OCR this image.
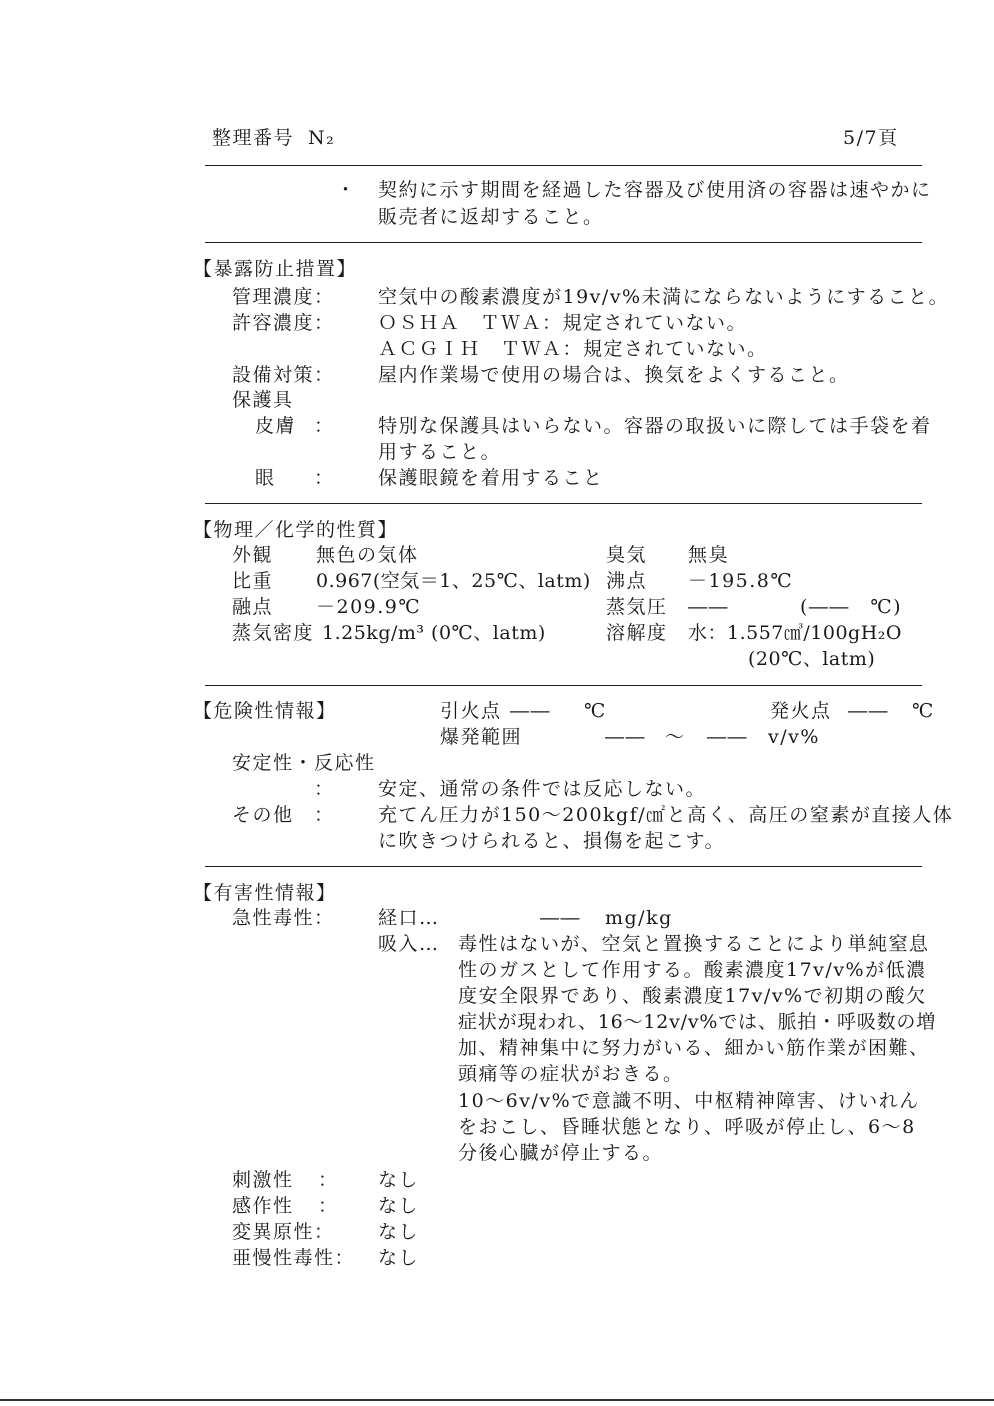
整理番号 N₂	5/7頁
・ 契約に示す期間を経過した容器及び使用済の容器は速やかに
販売者に返却すること。
【暴露防止措置】
管理濃度： 空気中の酸素濃度が19v/v%未満にならないようにすること。
許容濃度： ＯＳＨＡ　ＴＷＡ：規定されていない。
ＡＣＧＩＨ　ＴＷＡ：規定されていない。
設備対策： 屋内作業場で使用の場合は、換気をよくすること。
保護具
皮膚 ： 特別な保護具はいらない。容器の取扱いに際しては手袋を着
用すること。
眼 ： 保護眼鏡を着用すること
【物理／化学的性質】
外観 無色の気体	臭気 無臭
比重 0.967(空気＝1、25℃、latm) 沸点 －195.8℃
融点 －209.9℃	蒸気圧 ――	(――　℃)
蒸気密度 1.25kg/m³ (0℃、latm)	溶解度 水：1.557㎤/100gH₂O
(20℃、latm)
【危険性情報】	引火点 ―― ℃	発火点 ―― ℃
爆発範囲	―― ～ ―― v/v%
安定性・反応性
： 安定、通常の条件では反応しない。
その他 ： 充てん圧力が150～200kgf/㎠と高く、高圧の窒素が直接人体
に吹きつけられると、損傷を起こす。
【有害性情報】
急性毒性： 経口…	―― mg/kg
吸入… 毒性はないが、空気と置換することにより単純窒息
性のガスとして作用する。酸素濃度17v/v%が低濃
度安全限界であり、酸素濃度17v/v%で初期の酸欠
症状が現われ、16～12v/v%では、脈拍・呼吸数の増
加、精神集中に努力がいる、細かい筋作業が困難、
頭痛等の症状がおきる。
10～6v/v%で意識不明、中枢精神障害、けいれん
をおこし、昏睡状態となり、呼吸が停止し、6～8
分後心臓が停止する。
刺激性 ： なし
感作性 ： なし
変異原性： なし
亜慢性毒性： なし
